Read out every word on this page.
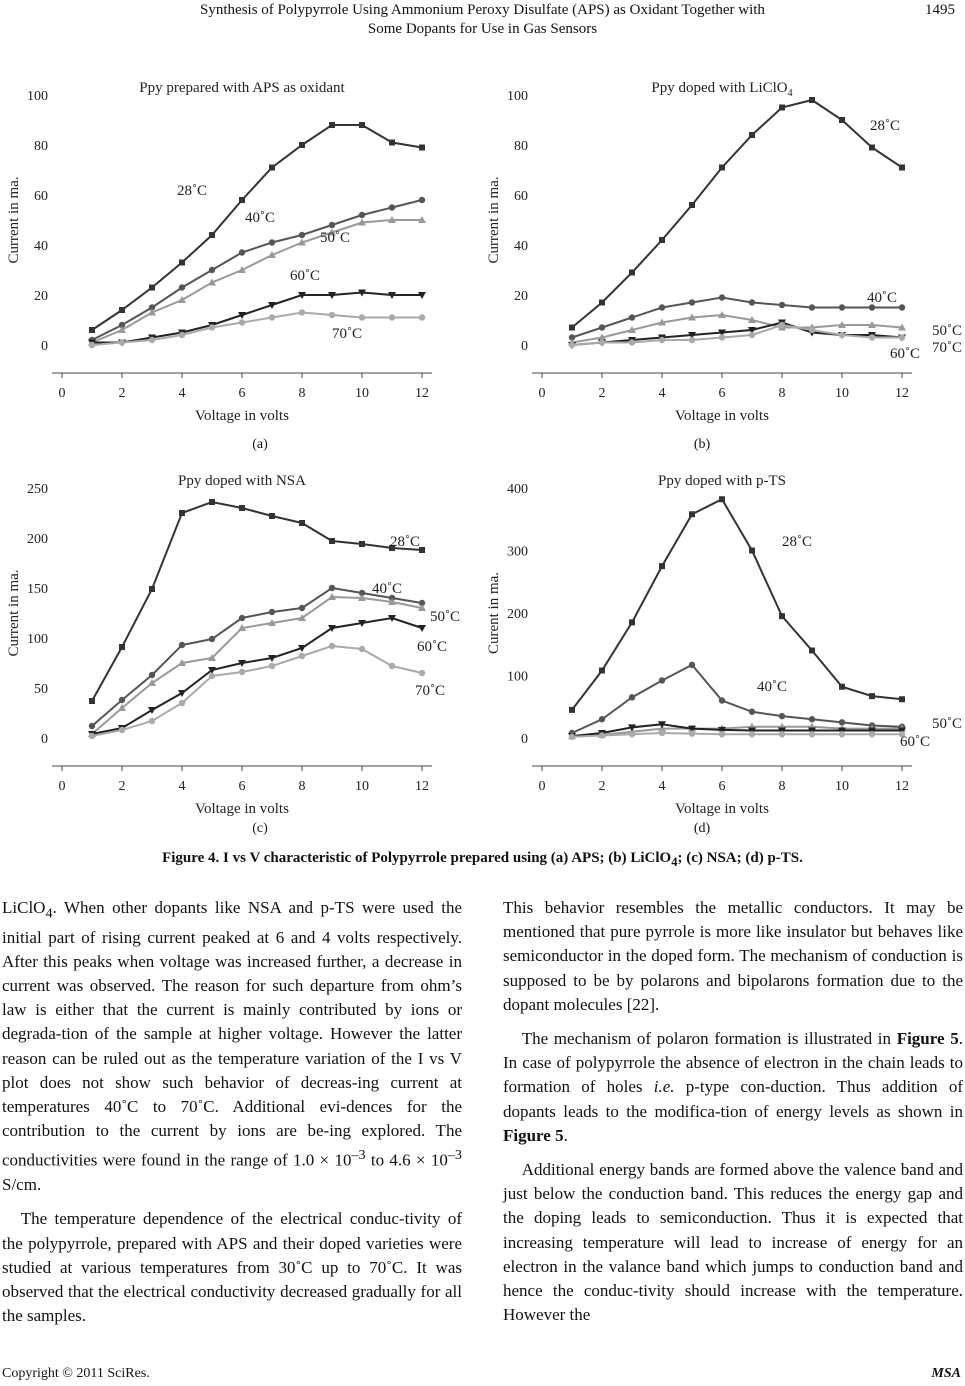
Synthesis of Polypyrrole Using Ammonium Peroxy Disulfate (APS) as Oxidant Together with
Some Dopants for Use in Gas Sensors
1495
Ppy prepared with APS as oxidant
0
20
40
60
80
100
0	2	4	6	8	10	12
Voltage in volts
Current in ma.	28˚C
40˚C
50˚C
60˚C
70˚C
Ppy doped with LiClO$_4$
0
20
40
60
80
100
0	2	4	6	8	10	12
Voltage in volts
Current in ma.
28˚C
40˚C
50˚C
60˚C 70˚C
Ppy doped with NSA
0
50
100
150
200
250
0	2	4	6	8	10	12
Voltage in volts
Current in ma.
28˚C
40˚C
50˚C
60˚C
70˚C
Ppy doped with p-TS
0
100
200
300
400
0	2	4	6	8	10	12
Voltage in volts
Curent in ma.
28˚C
40˚C
50˚C
60˚C
(a)	(b)
(c)	(d)
Figure 4. I vs V characteristic of Polypyrrole prepared using (a) APS; (b) LiClO$_4$; (c) NSA; (d) p-TS.

LiClO$_4$. When other dopants like NSA and p-TS were used the initial part of rising current peaked at 6 and 4 volts respectively. After this peaks when voltage was increased further, a decrease in current was observed. The reason for such departure from ohm’s law is either that the current is mainly contributed by ions or degrada-tion of the sample at higher voltage. However the latter reason can be ruled out as the temperature variation of the I vs V plot does not show such behavior of decreas-ing current at temperatures 40˚C to 70˚C. Additional evi-dences for the contribution to the current by ions are be-ing explored. The conductivities were found in the range of $1.0 \times 10^{-3}$ to $4.6 \times 10^{-3}$ S/cm.

The temperature dependence of the electrical conduc-tivity of the polypyrrole, prepared with APS and their doped varieties were studied at various temperatures from 30˚C up to 70˚C. It was observed that the electrical conductivity decreased gradually for all the samples.

This behavior resembles the metallic conductors. It may be mentioned that pure pyrrole is more like insulator but behaves like semiconductor in the doped form. The mechanism of conduction is supposed to be by polarons and bipolarons formation due to the dopant molecules [22].

The mechanism of polaron formation is illustrated in Figure 5. In case of polypyrrole the absence of electron in the chain leads to formation of holes i.e. p-type con-duction. Thus addition of dopants leads to the modifica-tion of energy levels as shown in Figure 5.

Additional energy bands are formed above the valence band and just below the conduction band. This reduces the energy gap and the doping leads to semiconduction. Thus it is expected that increasing temperature will lead to increase of energy for an electron in the valance band which jumps to conduction band and hence the conduc-tivity should increase with the temperature. However the

Copyright © 2011 SciRes.	MSA
